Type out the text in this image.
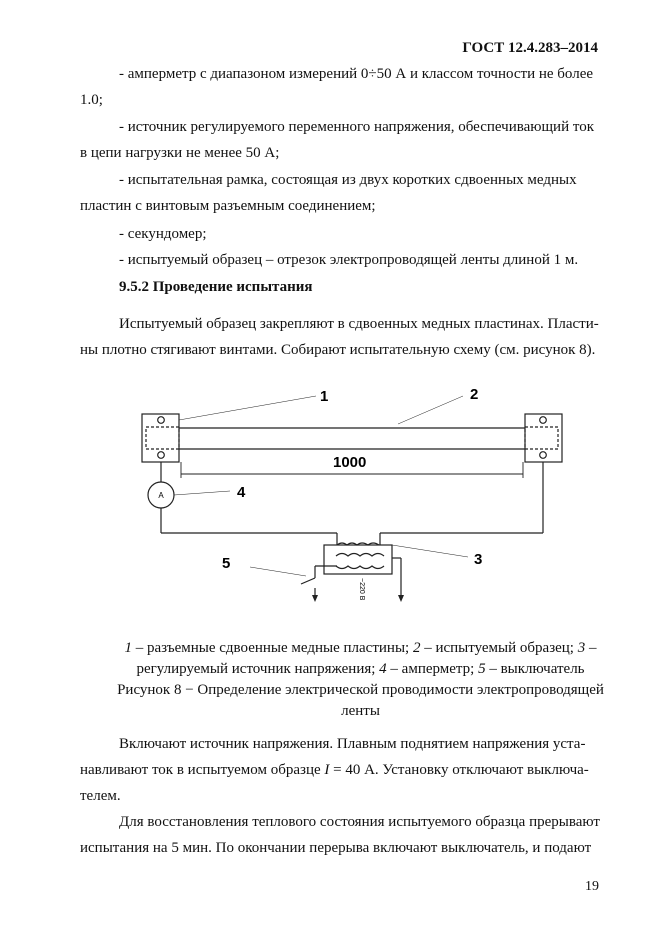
ГОСТ 12.4.283–2014
- амперметр с диапазоном измерений 0÷50 А и классом точности не более
1.0;
- источник регулируемого переменного напряжения, обеспечивающий ток
в цепи нагрузки не менее 50 А;
- испытательная рамка, состоящая из двух коротких сдвоенных медных
пластин с винтовым разъемным соединением;
- секундомер;
- испытуемый образец – отрезок электропроводящей ленты длиной 1 м.
9.5.2 Проведение испытания
Испытуемый образец закрепляют в сдвоенных медных пластинах. Пласти-
ны плотно стягивают винтами. Собирают испытательную схему (см. рисунок 8).
1	2
3
4
5
1000
A
~220 В
1 – разъемные сдвоенные медные пластины; 2 – испытуемый образец; 3 –
регулируемый источник напряжения; 4 – амперметр; 5 – выключатель
Рисунок 8 − Определение электрической проводимости электропроводящей
ленты
Включают источник напряжения. Плавным поднятием напряжения уста-
навливают ток в испытуемом образце I = 40 А. Установку отключают выключа-
телем.
Для восстановления теплового состояния испытуемого образца прерывают
испытания на 5 мин. По окончании перерыва включают выключатель, и подают
19
